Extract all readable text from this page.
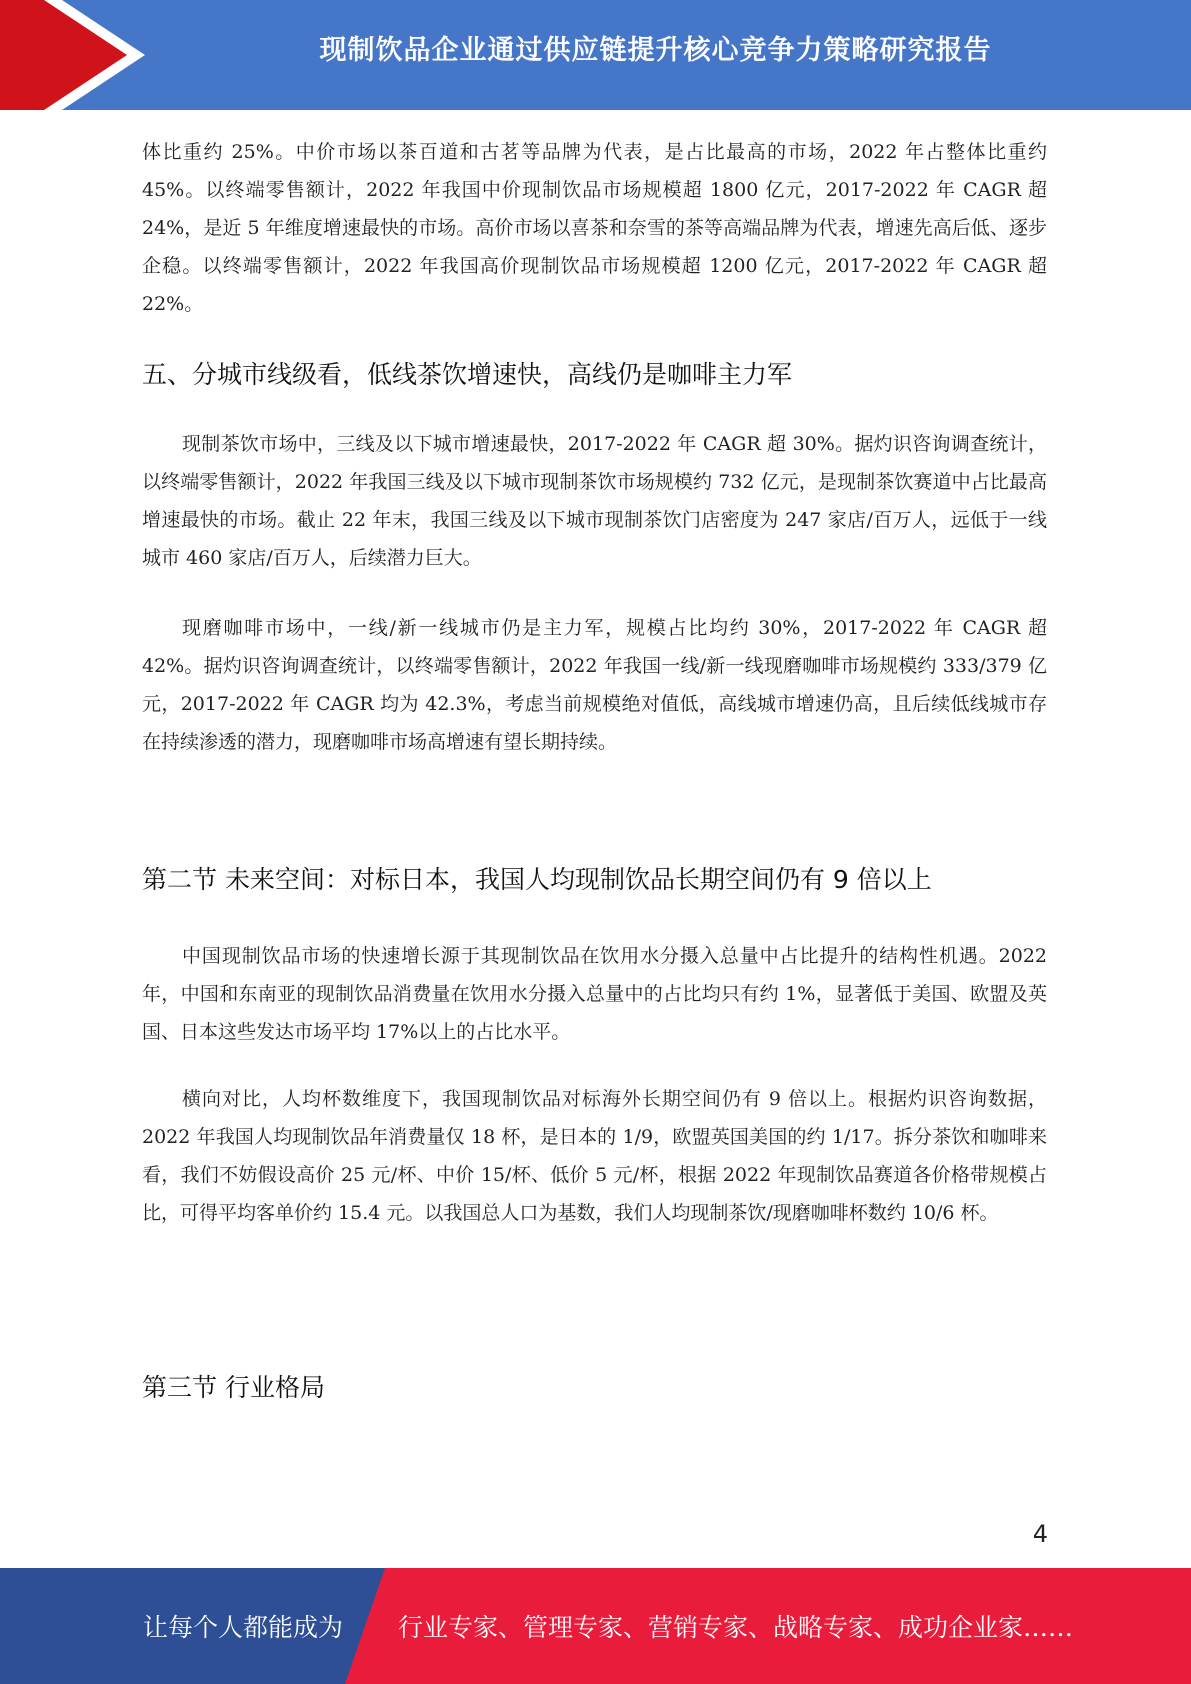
现制饮品企业通过供应链提升核心竞争力策略研究报告

体比重约 25%。中价市场以茶百道和古茗等品牌为代表，是占比最高的市场，2022 年占整体比重约 45%。以终端零售额计，2022 年我国中价现制饮品市场规模超 1800 亿元，2017-2022 年 CAGR 超 24%，是近 5 年维度增速最快的市场。高价市场以喜茶和奈雪的茶等高端品牌为代表，增速先高后低、逐步企稳。以终端零售额计，2022 年我国高价现制饮品市场规模超 1200 亿元，2017-2022 年 CAGR 超 22%。

五、分城市线级看，低线茶饮增速快，高线仍是咖啡主力军

现制茶饮市场中，三线及以下城市增速最快，2017-2022 年 CAGR 超 30%。据灼识咨询调查统计，以终端零售额计，2022 年我国三线及以下城市现制茶饮市场规模约 732 亿元，是现制茶饮赛道中占比最高增速最快的市场。截止 22 年末，我国三线及以下城市现制茶饮门店密度为 247 家店/百万人，远低于一线城市 460 家店/百万人，后续潜力巨大。

现磨咖啡市场中，一线/新一线城市仍是主力军，规模占比均约 30%，2017-2022 年 CAGR 超 42%。据灼识咨询调查统计，以终端零售额计，2022 年我国一线/新一线现磨咖啡市场规模约 333/379 亿元，2017-2022 年 CAGR 均为 42.3%，考虑当前规模绝对值低，高线城市增速仍高，且后续低线城市存在持续渗透的潜力，现磨咖啡市场高增速有望长期持续。

第二节 未来空间：对标日本，我国人均现制饮品长期空间仍有 9 倍以上

中国现制饮品市场的快速增长源于其现制饮品在饮用水分摄入总量中占比提升的结构性机遇。2022 年，中国和东南亚的现制饮品消费量在饮用水分摄入总量中的占比均只有约 1%，显著低于美国、欧盟及英国、日本这些发达市场平均 17%以上的占比水平。

横向对比，人均杯数维度下，我国现制饮品对标海外长期空间仍有 9 倍以上。根据灼识咨询数据，2022 年我国人均现制饮品年消费量仅 18 杯，是日本的 1/9，欧盟英国美国的约 1/17。拆分茶饮和咖啡来看，我们不妨假设高价 25 元/杯、中价 15/杯、低价 5 元/杯，根据 2022 年现制饮品赛道各价格带规模占比，可得平均客单价约 15.4 元。以我国总人口为基数，我们人均现制茶饮/现磨咖啡杯数约 10/6 杯。

第三节 行业格局
4
让每个人都能成为 行业专家、管理专家、营销专家、战略专家、成功企业家……
